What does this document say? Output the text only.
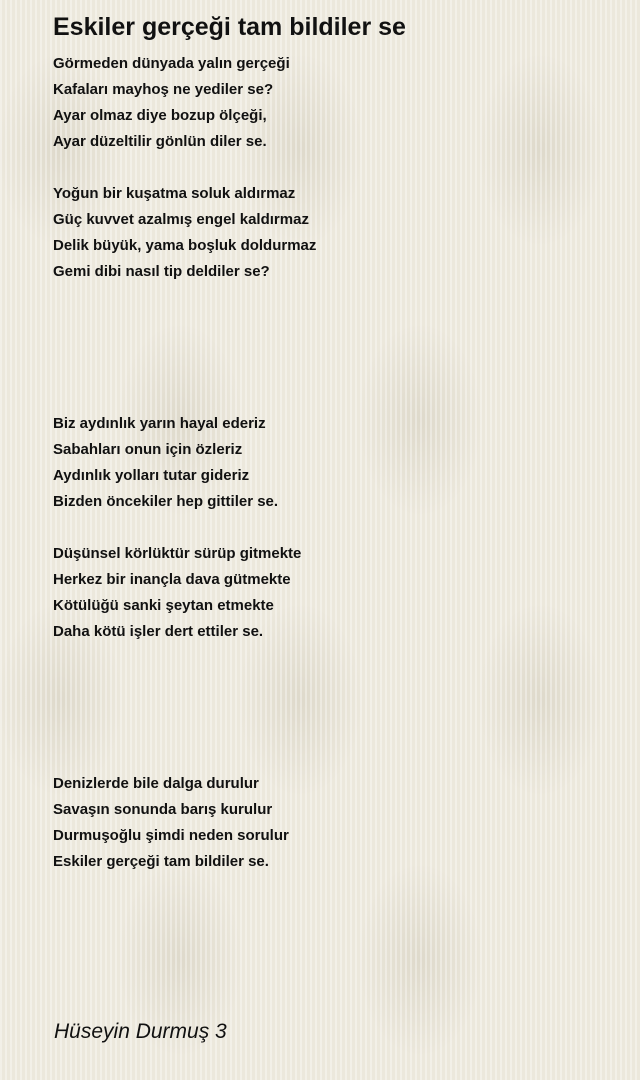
Eskiler gerçeği tam bildiler se
Görmeden dünyada yalın gerçeği
Kafaları mayhoş ne yediler se?
Ayar olmaz diye bozup ölçeği,
Ayar düzeltilir gönlün diler se.
Yoğun bir kuşatma soluk aldırmaz
Güç kuvvet azalmış engel kaldırmaz
Delik büyük, yama boşluk doldurmaz
Gemi dibi nasıl tip deldiler se?
Biz aydınlık yarın hayal ederiz
Sabahları onun için özleriz
Aydınlık yolları tutar gideriz
Bizden öncekiler hep gittiler se.
Düşünsel körlüktür sürüp gitmekte
Herkez bir inançla dava gütmekte
Kötülüğü sanki şeytan etmekte
Daha kötü işler dert ettiler se.
Denizlerde bile dalga durulur
Savaşın sonunda barış kurulur
Durmuşoğlu şimdi neden sorulur
Eskiler gerçeği tam bildiler se.
Hüseyin Durmuş 3
